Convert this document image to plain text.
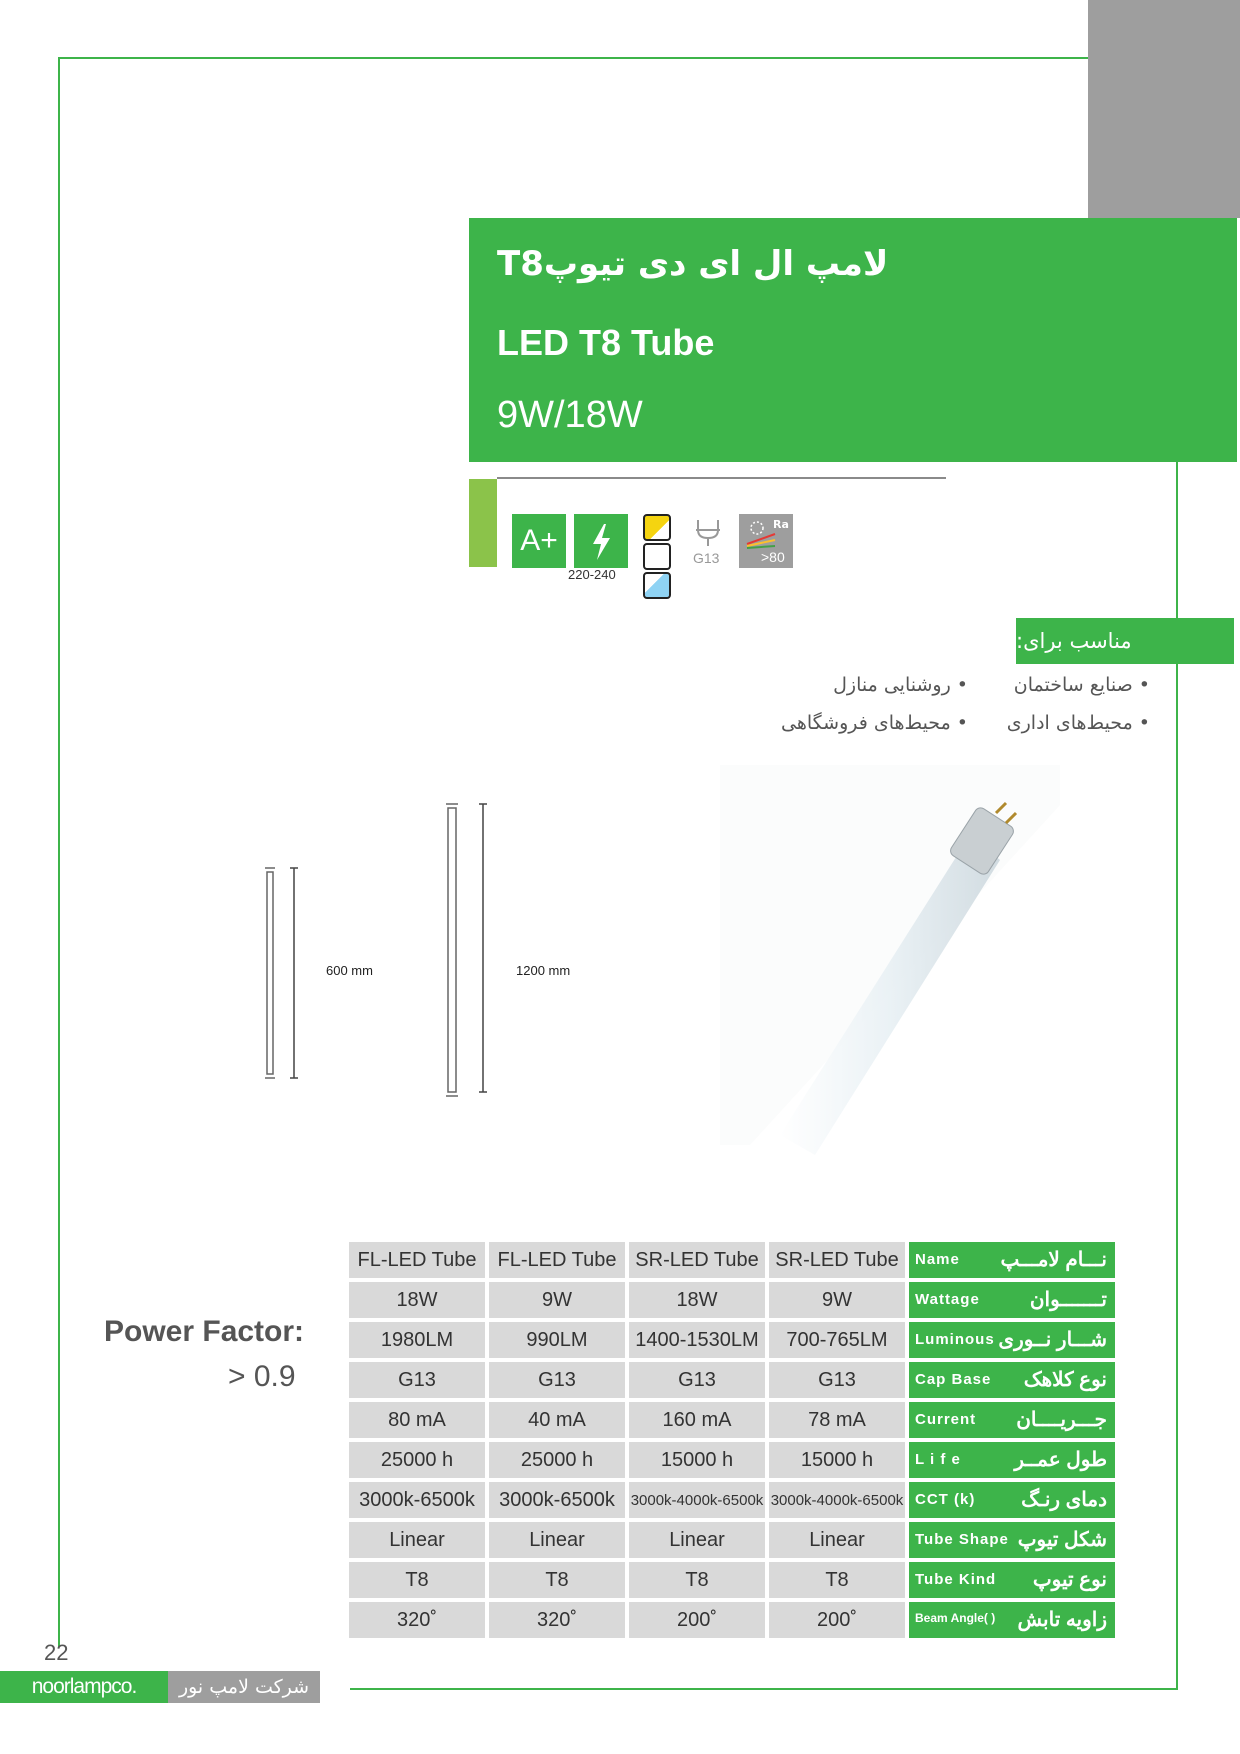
لامپ ال ای دی تیوپT8
LED T8 Tube
9W/18W
A+
220-240
G13
Ra
>80
مناسب برای:
• صنایع ساختمان
• روشنایی منازل
• محیط‌های اداری
• محیط‌های فروشگاهی
600 mm	1200 mm
Power Factor:
> 0.9
FL-LED Tube	FL-LED Tube	SR-LED Tube	SR-LED Tube	Name نـــام لامـــپ

18W	9W	18W	9W	Wattage تـــــــوان

1980LM	990LM	1400-1530LM	700-765LM	Luminous شـــار نــوری

G13	G13	G13	G13	Cap Base نوع کلاهک

80 mA	40 mA	160 mA	78 mA	Current جـــریــــان

25000 h	25000 h	15000 h	15000 h	L i f e طول عمــر

3000k-6500k	3000k-6500k	3000k-4000k-6500k	3000k-4000k-6500k	CCT (k) دمای رنـگ

Linear	Linear	Linear	Linear	Tube Shape شکل تیوپ

T8	T8	T8	T8	Tube Kind نوع تیوپ

320˚	320˚	200˚	200˚	Beam Angle( ) زاویه تابش
22
noorlampco.	شرکت لامپ نور
